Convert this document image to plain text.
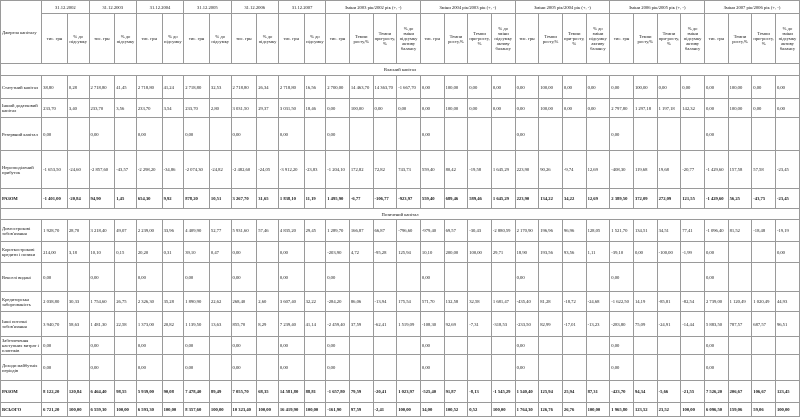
Джерела капіталу	31.12.2002		31.12.2003		31.12.2004		31.12.2005		31.12.2006		31.12.2007		Зміни 2003 рік/2002 рік (+, -)				Зміни 2004 рік/2003 рік (+, -)				Зміни 2005 рік/2004 рік (+, -)				Зміни 2006 рік/2005 рік (+, -)				Зміни 2007 рік/2006 рік (+, -)			
	тис. грн	% до підсумку	тис. грн	% до підсумку	тис. грн	% до підсумку	тис. грн	% до підсумку	тис. грн	% до підсумку	тис. грн	% до підсумку	тис. грн	Темпи росту,%	Темпи при-росту, %	% до зміни підсумку активу балансу	тис. грн	Темпи росту,%	Темпи при-росту, %	% до зміни підсумку активу балансу	тис. грн	Темпи росту,%	Темпи при-росту, %	% до зміни підсумку активу балансу	тис. грн	Темпи росту,%	Темпи при-росту, %	% до зміни підсумку активу балансу	тис. грн	Темпи росту,%	Темпи при-росту, %	% до зміни підсумку активу балансу
Власний капітал																																
Статутний капітал	38,80	0,28	2 718,80	41,45	2 718,80	41,24	2 718,80	32,53	2 718,80	26,34	2 718,80	16,56	2 700,00	14 463,70	14 363,70	-1 667,70	0,00	100,00	0,00	0,00	0,00	100,00	0,00	0,00	0,00	100,00	0,00	0,00	0,00	100,00	0,00	0,00
Інший додатковий капітал	233,70	3,40	233,70	3,56	233,70	3,54	233,70	2,80	3 031,50	29,37	3 031,50	18,46	0,00	100,00	0,00	0,00	0,00	100,00	0,00	0,00	0,00	100,00	0,00	0,00	2 797,80	1 297,18	1 197,18	142,32	0,00	100,00	0,00	0,00
Резервний капітал	0,00		0,00		0,00		0,00		0,00		0,00		0,00				0,00				0,00				0,00				0,00			
Нерозподілений прибуток	-1 653,50	-24,60	-2 857,60	-43,57	-2 298,20	-34,86	-2 074,30	-24,82	-2 482,60	-24,05	-3 912,20	-23,83	-1 204,10	172,82	72,82	743,73	559,40	80,42	-19,58	1 645,29	223,90	90,26	-9,74	12,69	-408,30	119,68	19,68	-20,77	-1 429,60	157,58	57,58	-23,45
РАЗОМ	-1 401,00	-20,84	94,90	1,45	654,30	9,92	878,20	10,51	3 267,70	31,65	1 838,10	11,19	1 495,90	-6,77	-106,77	-923,97	559,40	689,46	589,46	1 645,29	223,90	134,22	34,22	12,69	2 389,50	372,09	272,09	121,55	-1 429,60	56,25	-43,75	-23,45
Позичений капітал																																
Довгострокові зобов'язання	1 928,70	28,70	3 218,40	49,07	2 239,00	33,96	4 409,90	52,77	5 931,60	57,46	4 835,20	29,45	1 289,70	166,87	66,87	-796,60	-979,40	69,57	-30,43	-2 880,59	2 170,90	196,96	96,96	128,05	1 521,70	134,51	34,51	77,41	-1 096,40	81,52	-18,48	-19,19
Короткострокові кредити і позики	214,00	3,18	10,10	0,15	20,20	0,31	39,10	0,47	0,00		0,00		-203,90	4,72	-95,28	125,94	10,10	200,00	100,00	29,71	18,90	193,56	93,56	1,11	-39,10	0,00	-100,00	-1,99	0,00			0,00
Векселі видані	0,00		0,00		0,00		0,00		0,00		0,00		0,00				0,00				0,00				0,00				0,00			
Кредиторська заборгованість	2 038,80	30,33	1 754,60	26,75	2 326,30	35,28	1 890,90	22,62	268,40	2,60	3 607,40	32,22	-284,20	86,06	-13,94	175,54	571,70	132,58	32,58	1 681,47	-435,40	81,28	-18,72	-24,68	-1 622,50	14,19	-85,81	-82,54	2 739,00	1 120,49	1 020,49	44,93
Інші поточні зобов'язання	3 940,70	58,63	1 481,30	22,58	1 373,00	20,82	1 139,50	13,63	855,70	8,29	7 239,40	41,14	-2 459,40	37,59	-62,41	1 519,09	-108,30	92,69	-7,31	-318,53	-233,50	82,99	-17,01	-13,23	-283,80	75,09	-24,91	-14,44	5 883,50	787,57	687,57	96,51
Забезпечення наступних витрат і платежів	0,00		0,00		0,00		0,00		0,00		0,00		0,00				0,00				0,00				0,00				0,00			
Доходи майбутніх періодів	0,00		0,00		0,00		0,00		0,00		0,00		0,00				0,00				0,00				0,00				0,00			
РАЗОМ	8 122,20	120,84	6 464,40	98,55	5 939,00	90,08	7 478,40	89,49	7 055,70	68,35	14 581,80	88,81	-1 657,80	79,59	-20,41	1 023,97	-525,40	91,87	-8,13	-1 545,29	1 540,40	125,94	25,94	87,31	-423,70	94,34	-5,66	-21,55	7 526,20	206,67	106,67	123,45
ВСЬОГО	6 721,20	100,00	6 559,30	100,00	6 593,30	100,00	8 357,60	100,00	10 323,40	100,00	16 419,90	100,00	-161,90	97,59	-2,41	100,00	34,00	100,52	0,52	100,00	1 764,30	126,76	26,76	100,00	1 965,80	123,52	23,52	100,00	6 096,50	159,06	59,06	100,00
